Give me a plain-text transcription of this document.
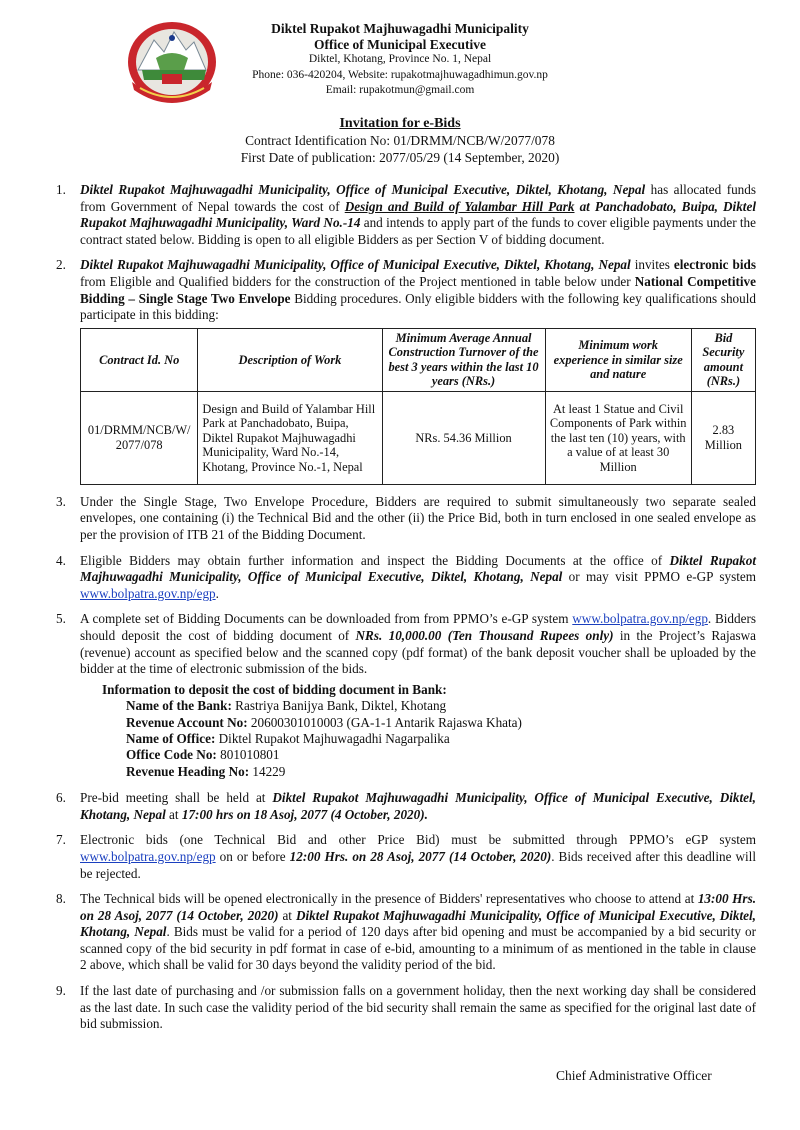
Diktel Rupakot Majhuwagadhi Municipality
Office of Municipal Executive
Diktel, Khotang, Province No. 1, Nepal
Phone: 036-420204, Website: rupakotmajhuwagadhimun.gov.np
Email: rupakotmun@gmail.com
Invitation for e-Bids
Contract Identification No: 01/DRMM/NCB/W/2077/078
First Date of publication: 2077/05/29 (14 September, 2020)
1. Diktel Rupakot Majhuwagadhi Municipality, Office of Municipal Executive, Diktel, Khotang, Nepal has allocated funds from Government of Nepal towards the cost of Design and Build of Yalambar Hill Park at Panchadobato, Buipa, Diktel Rupakot Majhuwagadhi Municipality, Ward No.-14 and intends to apply part of the funds to cover eligible payments under the contract stated below. Bidding is open to all eligible Bidders as per Section V of bidding document.
2. Diktel Rupakot Majhuwagadhi Municipality, Office of Municipal Executive, Diktel, Khotang, Nepal invites electronic bids from Eligible and Qualified bidders for the construction of the Project mentioned in table below under National Competitive Bidding – Single Stage Two Envelope Bidding procedures. Only eligible bidders with the following key qualifications should participate in this bidding:
Contract Id. No	Description of Work	Minimum Average Annual Construction Turnover of the best 3 years within the last 10 years (NRs.)	Minimum work experience in similar size and nature	Bid Security amount (NRs.)
01/DRMM/NCB/W/ 2077/078	Design and Build of Yalambar Hill Park at Panchadobato, Buipa, Diktel Rupakot Majhuwagadhi Municipality, Ward No.-14, Khotang, Province No.-1, Nepal	NRs. 54.36 Million	At least 1 Statue and Civil Components of Park within the last ten (10) years, with a value of at least 30 Million	2.83 Million
3. Under the Single Stage, Two Envelope Procedure, Bidders are required to submit simultaneously two separate sealed envelopes, one containing (i) the Technical Bid and the other (ii) the Price Bid, both in turn enclosed in one sealed envelope as per the provision of ITB 21 of the Bidding Document.
4. Eligible Bidders may obtain further information and inspect the Bidding Documents at the office of Diktel Rupakot Majhuwagadhi Municipality, Office of Municipal Executive, Diktel, Khotang, Nepal or may visit PPMO e-GP system www.bolpatra.gov.np/egp.
5. A complete set of Bidding Documents can be downloaded from from PPMO’s e-GP system www.bolpatra.gov.np/egp. Bidders should deposit the cost of bidding document of NRs. 10,000.00 (Ten Thousand Rupees only) in the Project’s Rajaswa (revenue) account as specified below and the scanned copy (pdf format) of the bank deposit voucher shall be uploaded by the bidder at the time of electronic submission of the bids.
Information to deposit the cost of bidding document in Bank:
Name of the Bank: Rastriya Banijya Bank, Diktel, Khotang
Revenue Account No: 20600301010003 (GA-1-1 Antarik Rajaswa Khata)
Name of Office: Diktel Rupakot Majhuwagadhi Nagarpalika
Office Code No: 801010801
Revenue Heading No: 14229
6. Pre-bid meeting shall be held at Diktel Rupakot Majhuwagadhi Municipality, Office of Municipal Executive, Diktel, Khotang, Nepal at 17:00 hrs on 18 Asoj, 2077 (4 October, 2020).
7. Electronic bids (one Technical Bid and other Price Bid) must be submitted through PPMO’s eGP system www.bolpatra.gov.np/egp on or before 12:00 Hrs. on 28 Asoj, 2077 (14 October, 2020). Bids received after this deadline will be rejected.
8. The Technical bids will be opened electronically in the presence of Bidders' representatives who choose to attend at 13:00 Hrs. on 28 Asoj, 2077 (14 October, 2020) at Diktel Rupakot Majhuwagadhi Municipality, Office of Municipal Executive, Diktel, Khotang, Nepal. Bids must be valid for a period of 120 days after bid opening and must be accompanied by a bid security or scanned copy of the bid security in pdf format in case of e-bid, amounting to a minimum of as mentioned in the table in clause 2 above, which shall be valid for 30 days beyond the validity period of the bid.
9. If the last date of purchasing and /or submission falls on a government holiday, then the next working day shall be considered as the last date. In such case the validity period of the bid security shall remain the same as specified for the original last date of bid submission.
Chief Administrative Officer
